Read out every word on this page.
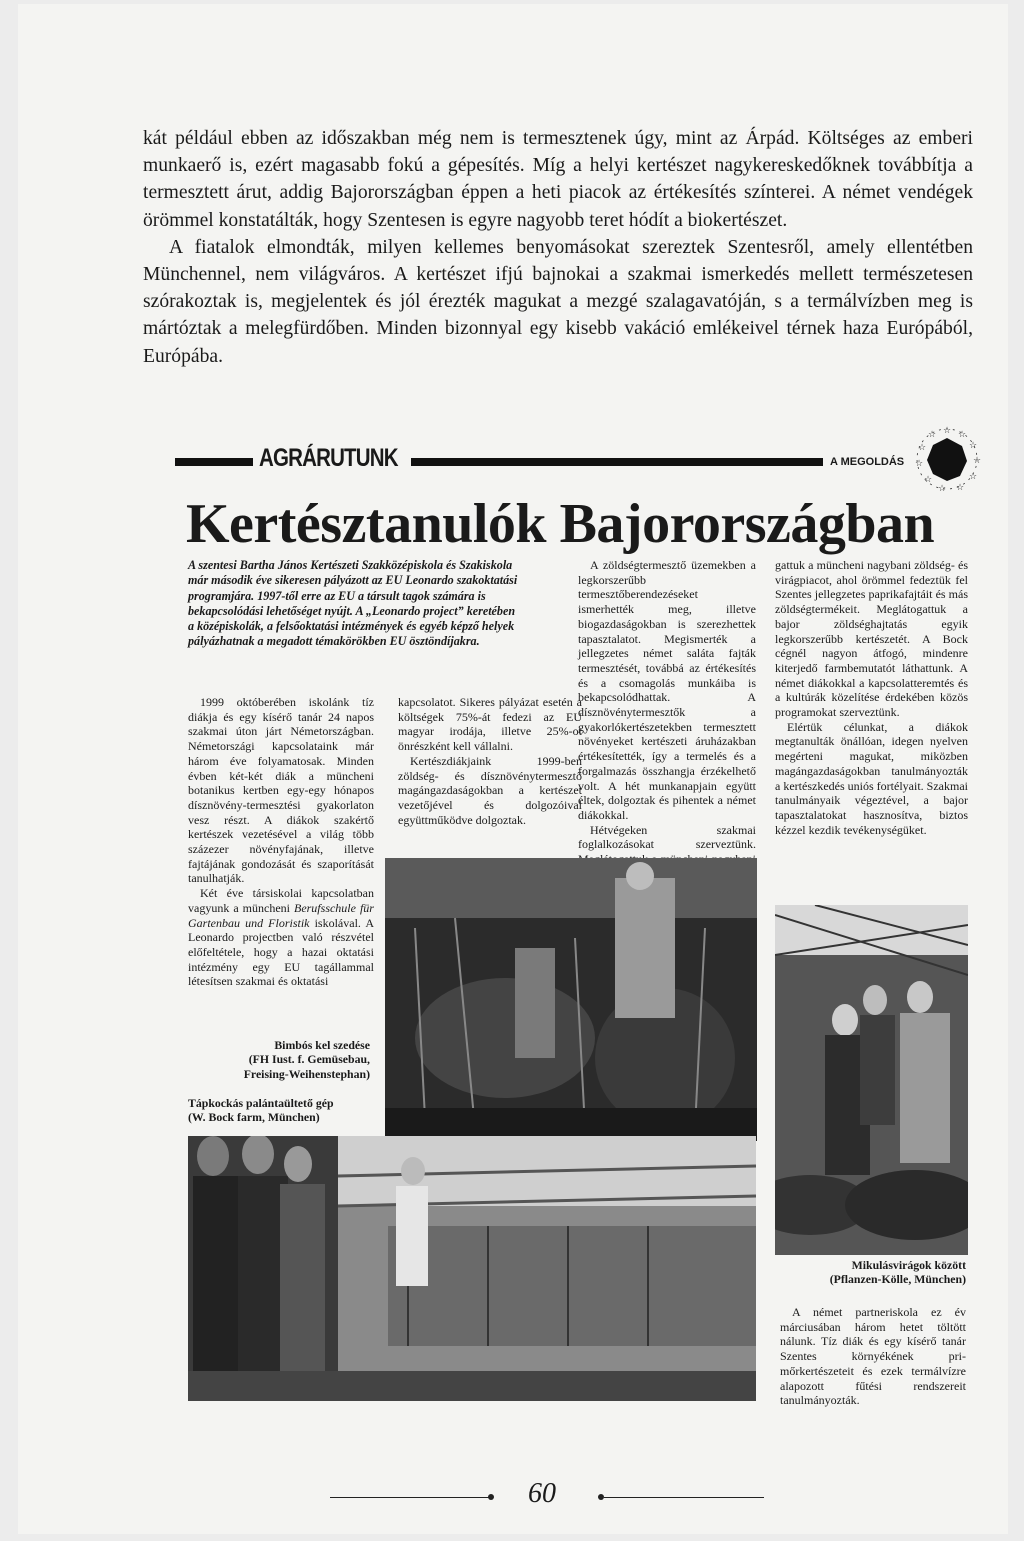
kát például ebben az időszakban még nem is termesztenek úgy, mint az Árpád. Költséges az emberi munkaerő is, ezért magasabb fokú a gépesítés. Míg a helyi kertészet nagykereskedőknek továbbítja a termesztett árut, addig Bajorországban éppen a heti piacok az értékesítés színterei. A német vendégek örömmel konstatálták, hogy Szentesen is egyre nagyobb teret hódít a biokertészet.

A fiatalok elmondták, milyen kellemes benyomásokat szereztek Szentesről, amely ellentétben Münchennel, nem világváros. A kertészet ifjú bajnokai a szakmai ismerkedés mellett természetesen szórakoztak is, megjelentek és jól érezték magukat a mezgé szalagavatóján, s a termálvízben meg is mártóztak a melegfürdőben. Minden bizonnyal egy kisebb vakáció emlékeivel térnek haza Európából, Európába.

AGRÁRUTUNK	A MEGOLDÁS
☆ ☆
☆
☆
☆
☆
☆
☆
☆
☆
☆
Kertésztanulók Bajorországban

A szentesi Bartha János Kertészeti Szakközépiskola és Szakiskola már második éve sikeresen pályázott az EU Leonardo szakoktatási programjára. 1997-től erre az EU a társult tagok számára is bekapcsolódási lehetőséget nyújt. A „Leonardo project” keretében a középiskolák, a felsőoktatási intézmények és egyéb képző helyek pályázhatnak a megadott témakörökben EU ösztöndíjakra.

1999 októberében iskolánk tíz diákja és egy kísérő tanár 24 napos szakmai úton járt Németországban. Németországi kapcsolataink már három éve folyamatosak. Minden évben két-két diák a müncheni botanikus kertben egy-egy hónapos dísznövény-termesztési gyakorlaton vesz részt. A diákok szakértő kertészek vezetésével a világ több százezer növényfajának, illetve fajtájának gondozását és szaporítását tanulhatják.

Két éve társiskolai kapcsolatban vagyunk a müncheni Berufsschule für Gartenbau und Floristik iskolával. A Leonardo projectben való részvétel előfeltétele, hogy a hazai oktatási intézmény egy EU tagállammal létesítsen szakmai és oktatási

kapcsolatot. Sikeres pályázat esetén a költségek 75%-át fedezi az EU magyar irodája, illetve 25%-ot önrészként kell vállalni.

Kertészdiákjaink 1999-ben zöldség- és dísznövénytermesztő magángazdaságokban a kertészet vezetőjével és dolgozóival együttműködve dolgoztak.

A zöldségtermesztő üzemekben a legkorszerűbb termesztőberendezéseket ismerhették meg, illetve biogazdaságokban is szerezhettek tapasztalatot. Megismerték a jellegzetes német saláta fajták termesztését, továbbá az értékesítés és a csomagolás munkáiba is bekapcsolódhattak. A dísznövénytermesztők a gyakorlókertészetekben termesztett növényeket kertészeti áruházakban értékesítették, így a termelés és a forgalmazás összhangja érzékelhető volt. A hét munkanapjain együtt éltek, dolgoztak és pihentek a német diákokkal.

Hétvégeken szakmai foglalkozásokat szerveztünk.

gattuk a müncheni nagybani zöldség- és virágpiacot, ahol örömmel fedeztük fel Szentes jellegzetes paprikafajtáit és más zöldségtermékeit. Meglátogattuk a bajor zöldséghajtatás egyik legkorszerűbb kertészetét. A Bock cégnél nagyon átfogó, mindenre kiterjedő farmbemutatót láthattunk. A német diákokkal a kapcsolatteremtés és a kultúrák közelítése érdekében közös programokat szerveztünk.

Elértük célunkat, a diákok megtanulták önállóan, idegen nyelven megérteni magukat, miközben magángazdaságokban tanulmányozták a kertészkedés uniós fortélyait. Szakmai tanulmányaik végeztével, a bajor tapasztalatokat hasznosítva, biztos kézzel kezdik tevékenységüket.

Bimbós kel szedése
(FH Iust. f. Gemüsebau,
Freising-Weihenstephan)
Tápkockás palántaültető gép
(W. Bock farm, München)
Mikulásvirágok között
(Pflanzen-Kölle, München)

A német partneriskola ez év márciusában három hetet töltött nálunk. Tíz diák és egy kísérő tanár Szentes környékének pri-mőrkertészeteit és ezek termálvízre alapozott fűtési rendszereit tanulmányozták.

60
